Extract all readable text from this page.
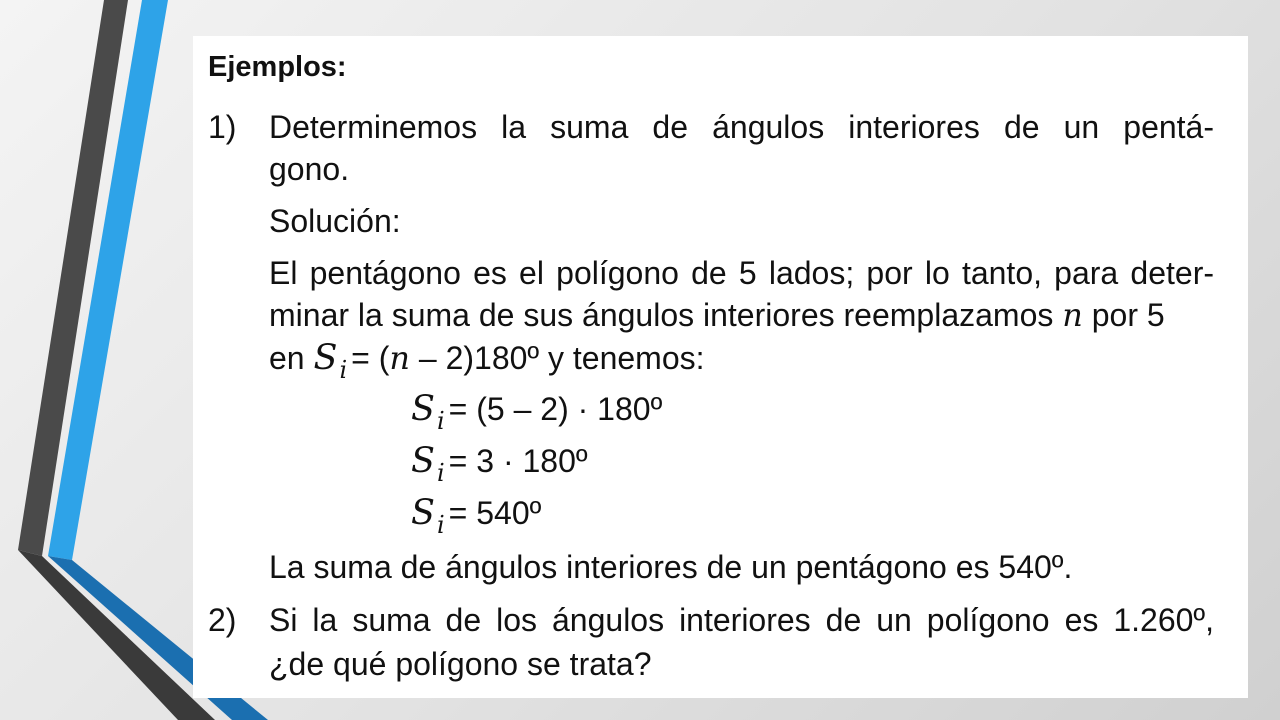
Ejemplos:
1) Determinemos la suma de ángulos interiores de un pentá-
gono.
Solución:
El pentágono es el polígono de 5 lados; por lo tanto, para deter-
minar la suma de sus ángulos interiores reemplazamos n por 5
en $S_i = (n$ – 2)180º y tenemos:
$S_i = (5 - 2)$ · 180º
$S_i = 3$ · 180º
$S_i$ = 540º
La suma de ángulos interiores de un pentágono es 540º.
2) Si la suma de los ángulos interiores de un polígono es 1.260º,
¿de qué polígono se trata?
